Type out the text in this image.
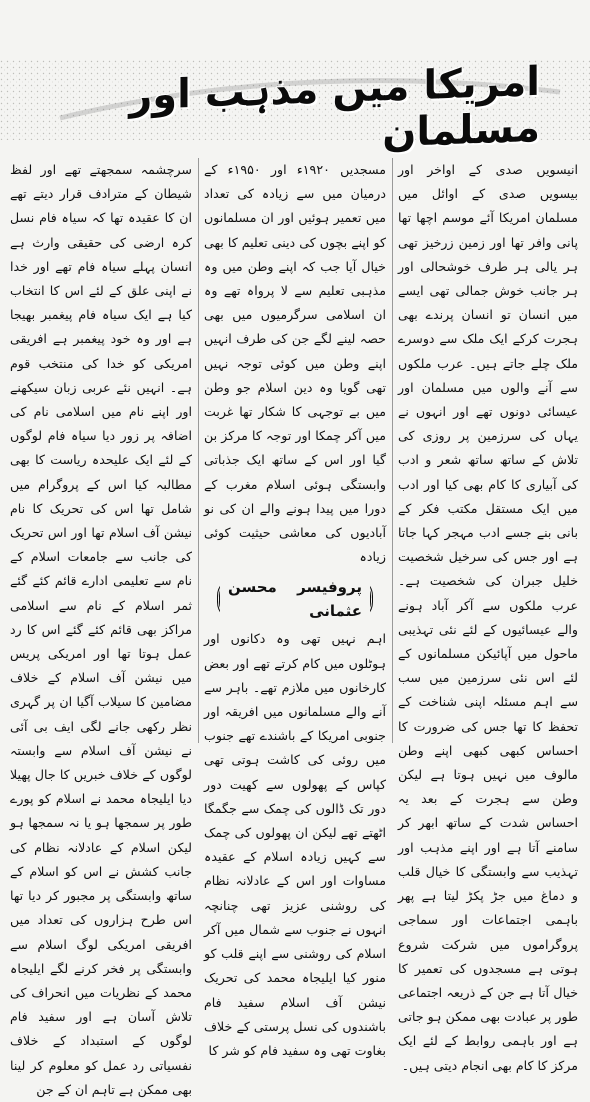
امریکا میں مذہب اور مسلمان

انیسویں صدی کے اواخر اور بیسویں صدی کے اوائل میں مسلمان امریکا آئے موسم اچھا تھا پانی وافر تھا اور زمین زرخیز تھی ہر یالی ہر طرف خوشحالی اور ہر جانب خوش جمالی تھی ایسے میں انسان تو انسان پرندے بھی ہجرت کرکے ایک ملک سے دوسرے ملک چلے جاتے ہیں۔ عرب ملکوں سے آنے والوں میں مسلمان اور عیسائی دونوں تھے اور انہوں نے یہاں کی سرزمین پر روزی کی تلاش کے ساتھ ساتھ شعر و ادب کی آبیاری کا کام بھی کیا اور ادب میں ایک مستقل مکتب فکر کے بانی بنے جسے ادب مہجر کہا جاتا ہے اور جس کی سرخیل شخصیت خلیل جبران کی شخصیت ہے۔ عرب ملکوں سے آکر آباد ہونے والے عیسائیوں کے لئے نئی تہذیبی ماحول میں آپائیکن مسلمانوں کے لئے اس نئی سرزمین میں سب سے اہم مسئلہ اپنی شناخت کے تحفظ کا تھا جس کی ضرورت کا احساس کبھی کبھی اپنے وطن مالوف میں نہیں ہوتا ہے لیکن وطن سے ہجرت کے بعد یہ احساس شدت کے ساتھ ابھر کر سامنے آتا ہے اور اپنے مذہب اور تہذیب سے وابستگی کا خیال قلب و دماغ میں جڑ پکڑ لیتا ہے پھر باہمی اجتماعات اور سماجی پروگراموں میں شرکت شروع ہوتی ہے مسجدوں کی تعمیر کا خیال آتا ہے جن کے ذریعہ اجتماعی طور پر عبادت بھی ممکن ہو جاتی ہے اور باہمی روابط کے لئے ایک مرکز کا کام بھی انجام دیتی ہیں۔

مسجدیں ۱۹۲۰ء اور ۱۹۵۰ء کے درمیان میں سے زیادہ کی تعداد میں تعمیر ہوئیں اور ان مسلمانوں کو اپنے بچوں کی دینی تعلیم کا بھی خیال آیا جب کہ اپنے وطن میں وہ مذہبی تعلیم سے لا پرواہ تھے وہ ان اسلامی سرگرمیوں میں بھی حصہ لینے لگے جن کی طرف انہیں اپنے وطن میں کوئی توجہ نہیں تھی گویا وہ دین اسلام جو وطن میں بے توجہی کا شکار تھا غربت میں آکر چمکا اور توجہ کا مرکز بن گیا اور اس کے ساتھ ایک جذباتی وابستگی ہوئی اسلام مغرب کے دورا میں پیدا ہونے والے ان کی نو آبادیوں کی معاشی حیثیت کوئی زیادہ

پروفیسر محسن عثمانی

اہم نہیں تھی وہ دکانوں اور ہوٹلوں میں کام کرتے تھے اور بعض کارخانوں میں ملازم تھے۔ باہر سے آنے والے مسلمانوں میں افریقہ اور جنوبی امریکا کے باشندے تھے جنوب میں روئی کی کاشت ہوتی تھی کپاس کے پھولوں سے کھیت دور دور تک ڈالوں کی چمک سے جگمگا اٹھتے تھے لیکن ان پھولوں کی چمک سے کہیں زیادہ اسلام کے عقیدہ مساوات اور اس کے عادلانہ نظام کی روشنی عزیز تھی چنانچہ انہوں نے جنوب سے شمال میں آکر اسلام کی روشنی سے اپنے قلب کو منور کیا ایلیجاہ محمد کی تحریک نیشن آف اسلام سفید فام باشندوں کی نسل پرستی کے خلاف بغاوت تھی وہ سفید فام کو شر کا

سرچشمہ سمجھتے تھے اور لفظ شیطان کے مترادف قرار دیتے تھے ان کا عقیدہ تھا کہ سیاہ فام نسل کرہ ارضی کی حقیقی وارث ہے انسان پہلے سیاہ فام تھے اور خدا نے اپنی علق کے لئے اس کا انتخاب کیا ہے ایک سیاہ فام پیغمبر بھیجا ہے اور وہ خود پیغمبر ہے افریقی امریکی کو خدا کی منتخب قوم ہے۔ انہیں نئے عربی زبان سیکھنے اور اپنے نام میں اسلامی نام کی اضافہ پر زور دیا سیاہ فام لوگوں کے لئے ایک علیحدہ ریاست کا بھی مطالبہ کیا اس کے پروگرام میں شامل تھا اس کی تحریک کا نام نیشن آف اسلام تھا اور اس تحریک کی جانب سے جامعات اسلام کے نام سے تعلیمی ادارے قائم کئے گئے ثمر اسلام کے نام سے اسلامی مراکز بھی قائم کئے گئے اس کا رد عمل ہوتا تھا اور امریکی پریس میں نیشن آف اسلام کے خلاف مضامین کا سیلاب آگیا ان پر گہری نظر رکھی جانے لگی ایف بی آئی نے نیشن آف اسلام سے وابستہ لوگوں کے خلاف خبریں کا جال پھیلا دیا ایلیجاہ محمد نے اسلام کو پورے طور پر سمجھا ہو یا نہ سمجھا ہو لیکن اسلام کے عادلانہ نظام کی جانب کشش نے اس کو اسلام کے ساتھ وابستگی پر مجبور کر دیا تھا اس طرح ہزاروں کی تعداد میں افریقی امریکی لوگ اسلام سے وابستگی پر فخر کرنے لگے ایلیجاہ محمد کے نظریات میں انحراف کی تلاش آسان ہے اور سفید فام لوگوں کے استبداد کے خلاف نفسیاتی رد عمل کو معلوم کر لینا بھی ممکن ہے تاہم ان کے جن
